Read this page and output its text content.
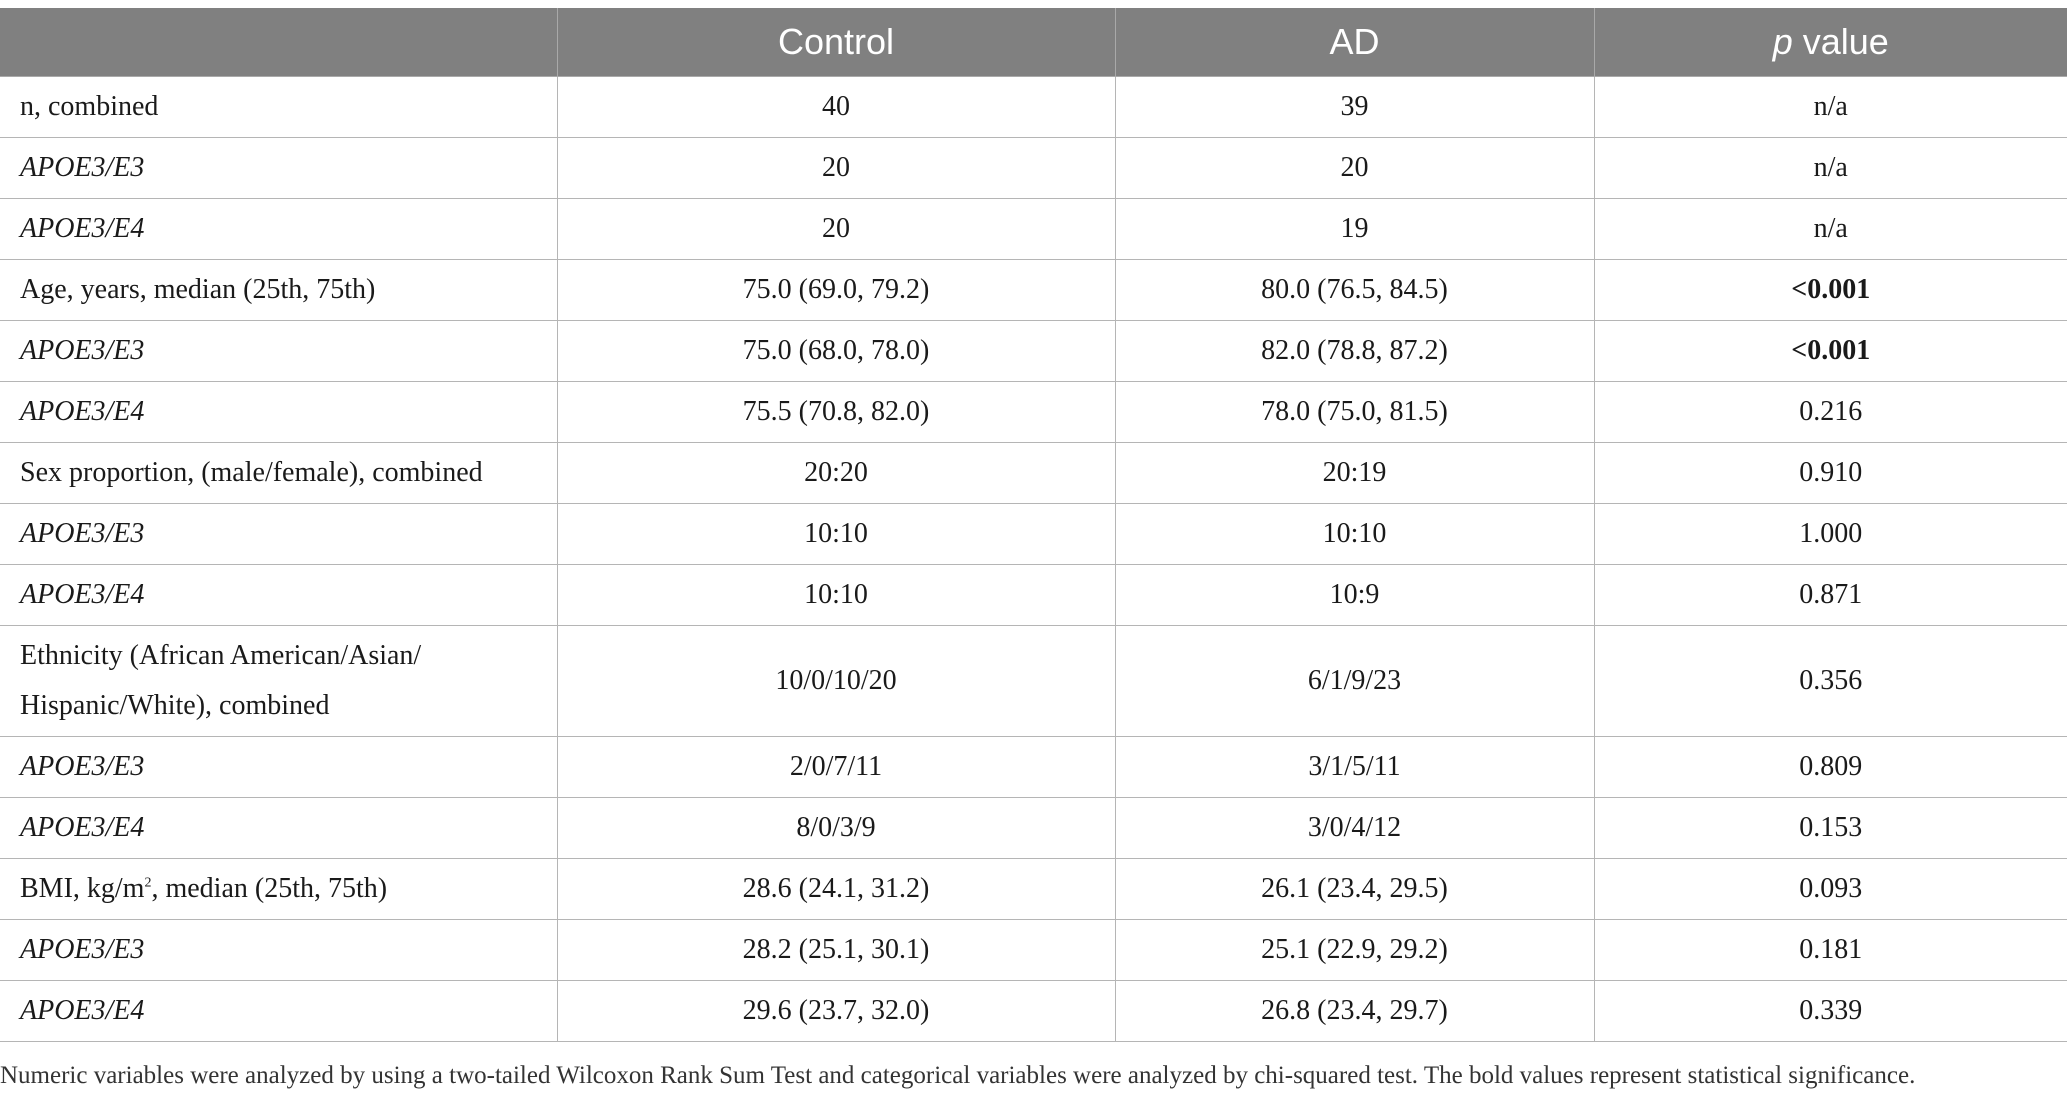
	Control	AD	p value
n, combined	40	39	n/a
APOE3/E3	20	20	n/a
APOE3/E4	20	19	n/a
Age, years, median (25th, 75th)	75.0 (69.0, 79.2)	80.0 (76.5, 84.5)	<0.001
APOE3/E3	75.0 (68.0, 78.0)	82.0 (78.8, 87.2)	<0.001
APOE3/E4	75.5 (70.8, 82.0)	78.0 (75.0, 81.5)	0.216
Sex proportion, (male/female), combined	20:20	20:19	0.910
APOE3/E3	10:10	10:10	1.000
APOE3/E4	10:10	10:9	0.871
Ethnicity (African American/Asian/
Hispanic/White), combined	10/0/10/20	6/1/9/23	0.356
APOE3/E3	2/0/7/11	3/1/5/11	0.809
APOE3/E4	8/0/3/9	3/0/4/12	0.153
BMI, $kg/m^2$, median (25th, 75th)	28.6 (24.1, 31.2)	26.1 (23.4, 29.5)	0.093
APOE3/E3	28.2 (25.1, 30.1)	25.1 (22.9, 29.2)	0.181
APOE3/E4	29.6 (23.7, 32.0)	26.8 (23.4, 29.7)	0.339
Numeric variables were analyzed by using a two-tailed Wilcoxon Rank Sum Test and categorical variables were analyzed by chi-squared test. The bold values represent statistical significance.
